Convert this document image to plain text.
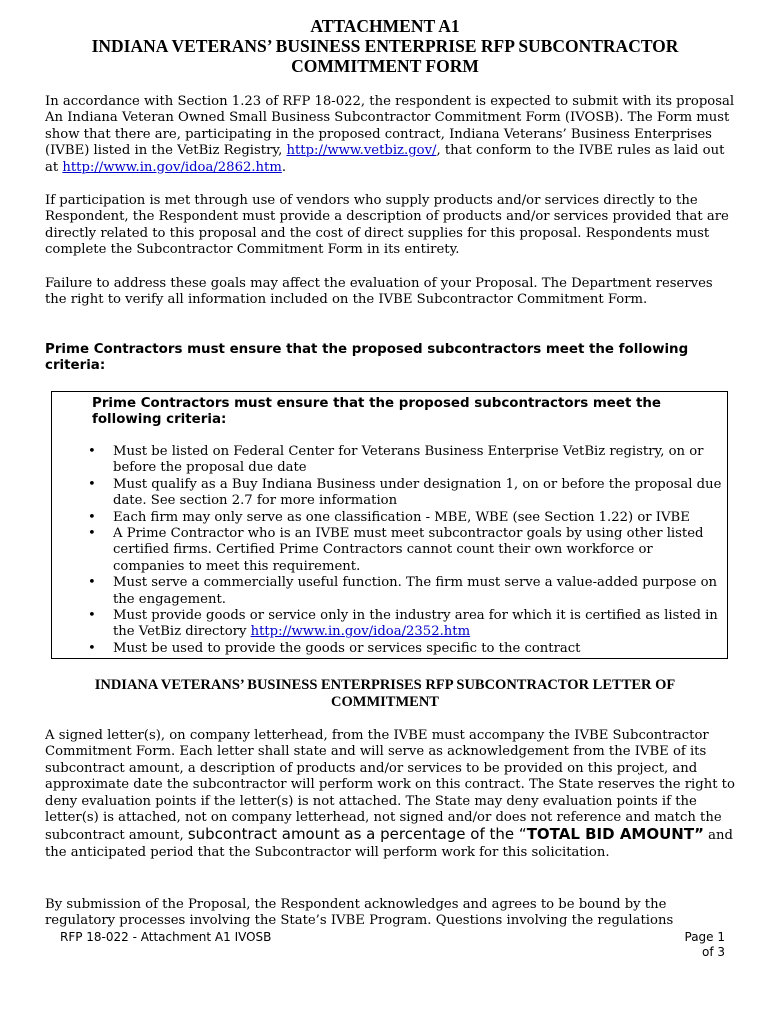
ATTACHMENT A1
INDIANA VETERANS’ BUSINESS ENTERPRISE RFP SUBCONTRACTOR
COMMITMENT FORM

In accordance with Section 1.23 of RFP 18-022, the respondent is expected to submit with its proposal An Indiana Veteran Owned Small Business Subcontractor Commitment Form (IVOSB). The Form must show that there are, participating in the proposed contract, Indiana Veterans’ Business Enterprises (IVBE) listed in the VetBiz Registry, http://www.vetbiz.gov/, that conform to the IVBE rules as laid out at http://www.in.gov/idoa/2862.htm.

If participation is met through use of vendors who supply products and/or services directly to the Respondent, the Respondent must provide a description of products and/or services provided that are directly related to this proposal and the cost of direct supplies for this proposal. Respondents must complete the Subcontractor Commitment Form in its entirety.

Failure to address these goals may affect the evaluation of your Proposal. The Department reserves the right to verify all information included on the IVBE Subcontractor Commitment Form.

Prime Contractors must ensure that the proposed subcontractors meet the following criteria:

Prime Contractors must ensure that the proposed subcontractors meet the following criteria:

• Must be listed on Federal Center for Veterans Business Enterprise VetBiz registry, on or before the proposal due date
• Must qualify as a Buy Indiana Business under designation 1, on or before the proposal due date. See section 2.7 for more information
• Each firm may only serve as one classification - MBE, WBE (see Section 1.22) or IVBE
• A Prime Contractor who is an IVBE must meet subcontractor goals by using other listed certified firms. Certified Prime Contractors cannot count their own workforce or companies to meet this requirement.
• Must serve a commercially useful function. The firm must serve a value-added purpose on the engagement.
• Must provide goods or service only in the industry area for which it is certified as listed in the VetBiz directory http://www.in.gov/idoa/2352.htm
• Must be used to provide the goods or services specific to the contract
INDIANA VETERANS’ BUSINESS ENTERPRISES RFP SUBCONTRACTOR LETTER OF COMMITMENT

A signed letter(s), on company letterhead, from the IVBE must accompany the IVBE Subcontractor Commitment Form. Each letter shall state and will serve as acknowledgement from the IVBE of its subcontract amount, a description of products and/or services to be provided on this project, and approximate date the subcontractor will perform work on this contract. The State reserves the right to deny evaluation points if the letter(s) is not attached. The State may deny evaluation points if the letter(s) is attached, not on company letterhead, not signed and/or does not reference and match the subcontract amount, subcontract amount as a percentage of the “TOTAL BID AMOUNT” and the anticipated period that the Subcontractor will perform work for this solicitation.

By submission of the Proposal, the Respondent acknowledges and agrees to be bound by the regulatory processes involving the State’s IVBE Program. Questions involving the regulations

RFP 18-022 - Attachment A1 IVOSB	Page 1
of 3
